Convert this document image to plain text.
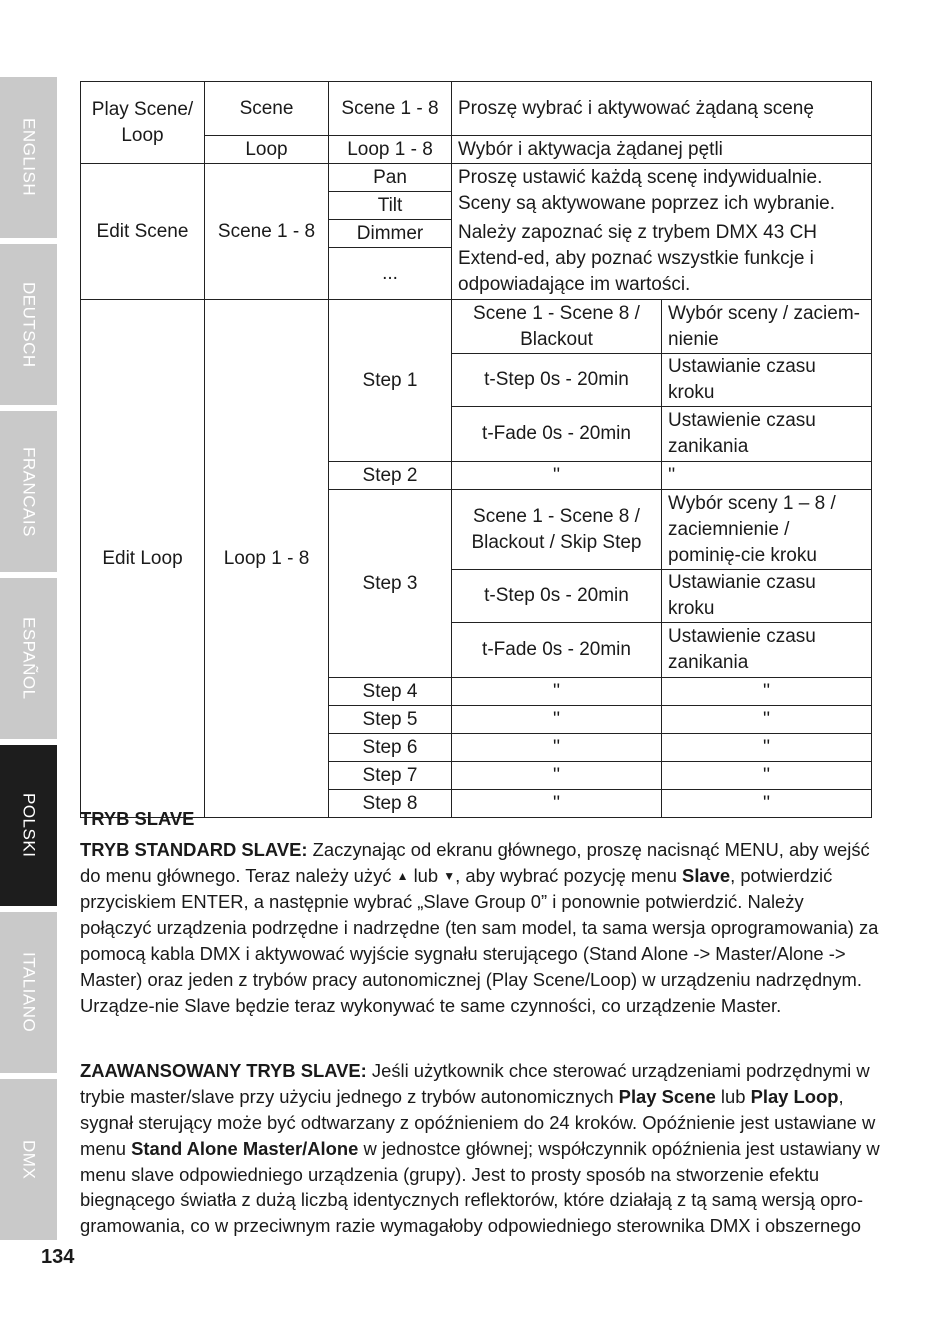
ENGLISH
DEUTSCH
FRANCAIS
ESPAÑOL
POLSKI
ITALIANO
DMX
Play Scene/ Loop	Scene	Scene 1 - 8	Proszę wybrać i aktywować żądaną scenę	
	Loop	Loop 1 - 8	Wybór i aktywacja żądanej pętli	
Edit Scene	Scene 1 - 8	Pan	Proszę ustawić każdą scenę indywidualnie. Sceny są aktywowane poprzez ich wybranie.

Należy zapoznać się z trybem DMX 43 CH Extend-ed, aby poznać wszystkie funkcje i odpowiadające im wartości.	

		Tilt		
		Dimmer		
		...		
Edit Loop	Loop 1 - 8	Step 1	Scene 1 - Scene 8 / Blackout	Wybór sceny / zaciem-nienie
			t-Step 0s - 20min	Ustawianie czasu kroku
			t-Fade 0s - 20min	Ustawienie czasu zanikania
		Step 2	''	''
		Step 3	Scene 1 - Scene 8 / Blackout / Skip Step	Wybór sceny 1 – 8 / zaciemnienie / pominię-cie kroku
			t-Step 0s - 20min	Ustawianie czasu kroku
			t-Fade 0s - 20min	Ustawienie czasu zanikania
		Step 4	''	''
		Step 5	''	''
		Step 6	''	''
		Step 7	''	''
		Step 8	''	''

TRYB SLAVE

TRYB STANDARD SLAVE: Zaczynając od ekranu głównego, proszę nacisnąć MENU, aby wejść do menu głównego. Teraz należy użyć ▲ lub ▼, aby wybrać pozycję menu Slave, potwierdzić przyciskiem ENTER, a następnie wybrać „Slave Group 0” i ponownie potwierdzić. Należy połączyć urządzenia podrzędne i nadrzędne (ten sam model, ta sama wersja oprogramowania) za pomocą kabla DMX i aktywować wyjście sygnału sterującego (Stand Alone -> Master/Alone -> Master) oraz jeden z trybów pracy autonomicznej (Play Scene/Loop) w urządzeniu nadrzędnym. Urządze-nie Slave będzie teraz wykonywać te same czynności, co urządzenie Master.

ZAAWANSOWANY TRYB SLAVE: Jeśli użytkownik chce sterować urządzeniami podrzędnymi w trybie master/slave przy użyciu jednego z trybów autonomicznych Play Scene lub Play Loop, sygnał sterujący może być odtwarzany z opóźnieniem do 24 kroków. Opóźnienie jest ustawiane w menu Stand Alone Master/Alone w jednostce głównej; współczynnik opóźnienia jest ustawiany w menu slave odpowiedniego urządzenia (grupy). Jest to prosty sposób na stworzenie efektu biegnącego światła z dużą liczbą identycznych reflektorów, które działają z tą samą wersją opro-gramowania, co w przeciwnym razie wymagałoby odpowiedniego sterownika DMX i obszernego

134
